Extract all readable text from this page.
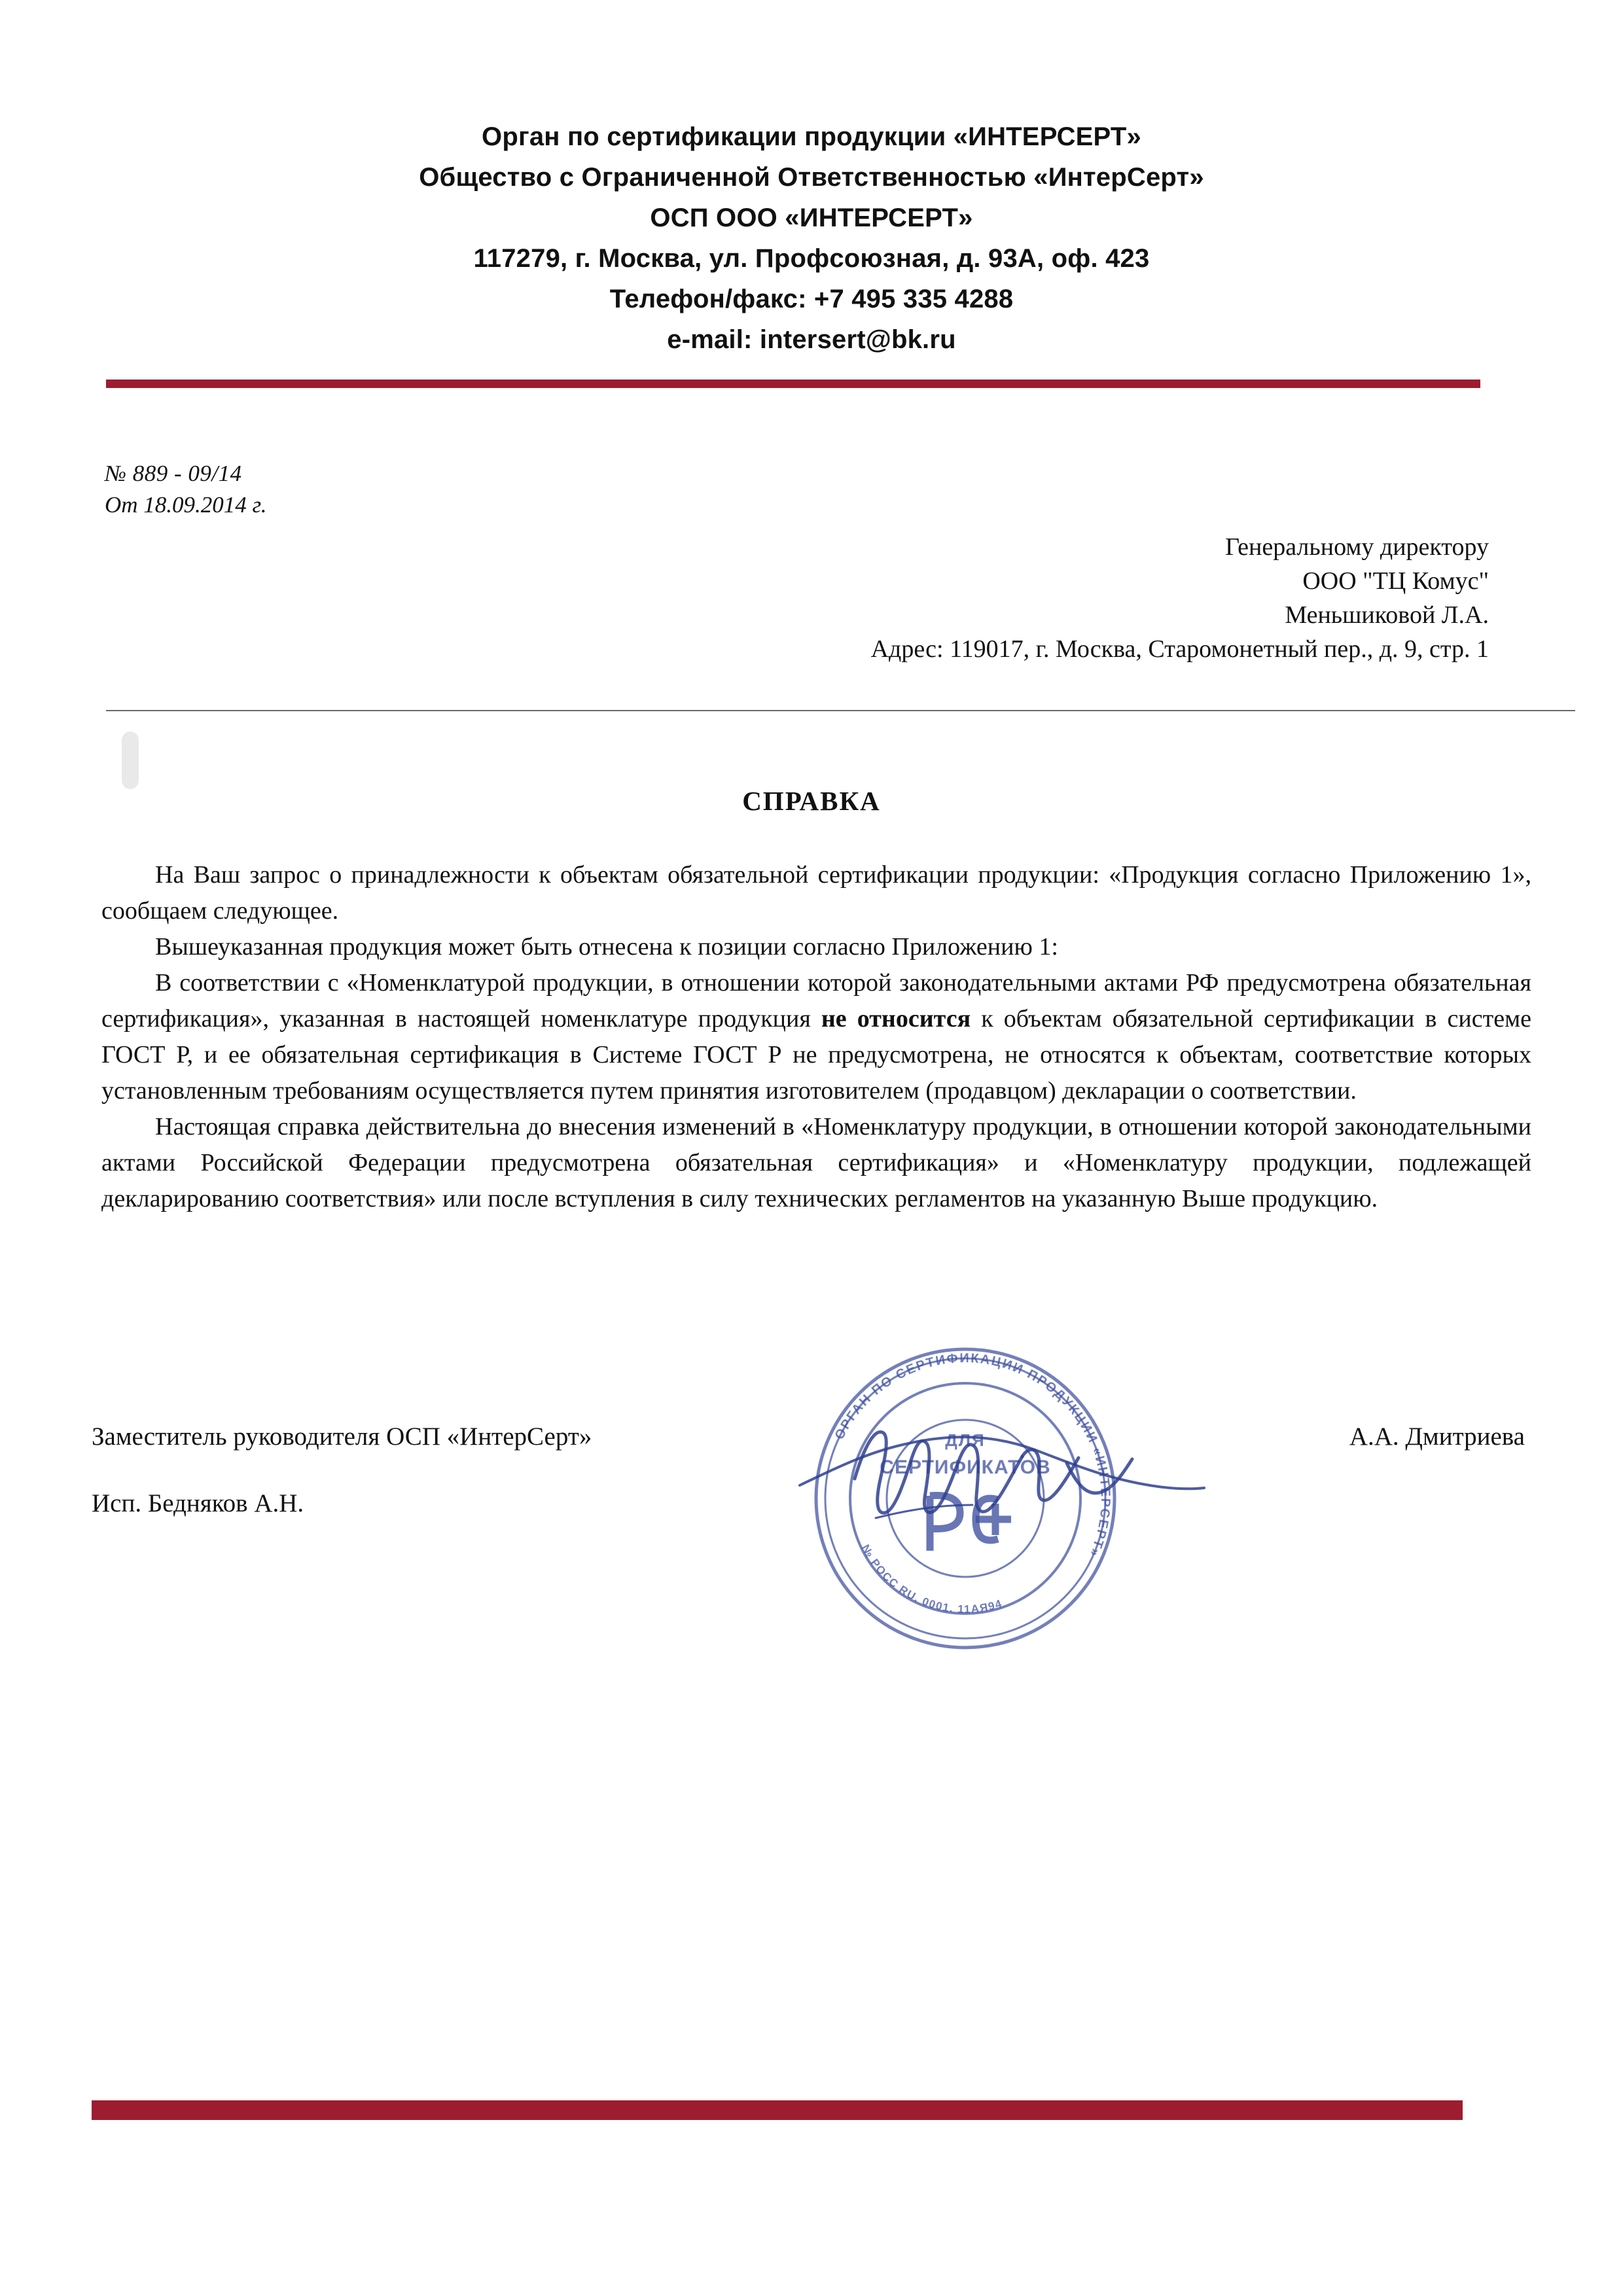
Орган по сертификации продукции «ИНТЕРСЕРТ»
Общество с Ограниченной Ответственностью «ИнтерСерт»
ОСП ООО «ИНТЕРСЕРТ»
117279, г. Москва, ул. Профсоюзная, д. 93А, оф. 423
Телефон/факс: +7 495 335 4288
e-mail: intersert@bk.ru
№ 889 - 09/14
От 18.09.2014 г.
Генеральному директору
ООО "ТЦ Комус"
Меньшиковой Л.А.
Адрес: 119017, г. Москва, Старомонетный пер., д. 9, стр. 1
СПРАВКА

На Ваш запрос о принадлежности к объектам обязательной сертификации продукции: «Продукция согласно Приложению 1», сообщаем следующее.

Вышеуказанная продукция может быть отнесена к позиции согласно Приложению 1:

В соответствии с «Номенклатурой продукции, в отношении которой законодательными актами РФ предусмотрена обязательная сертификация», указанная в настоящей номенклатуре продукция не относится к объектам обязательной сертификации в системе ГОСТ Р, и ее обязательная сертификация в Системе ГОСТ Р не предусмотрена, не относятся к объектам, соответствие которых установленным требованиям осуществляется путем принятия изготовителем (продавцом) декларации о соответствии.

Настоящая справка действительна до внесения изменений в «Номенклатуру продукции, в отношении которой законодательными актами Российской Федерации предусмотрена обязательная сертификация» и «Номенклатуру продукции, подлежащей декларированию соответствия» или после вступления в силу технических регламентов на указанную Выше продукцию.

Заместитель руководителя ОСП «ИнтерСерт»	А.А. Дмитриева
Исп. Бедняков А.Н.
ОРГАН ПО СЕРТИФИКАЦИИ ПРОДУКЦИИ «ИНТЕРСЕРТ»
№ РОСС RU. 0001. 11АЯ94
ДЛЯ
СЕРТИФИКАТОВ
